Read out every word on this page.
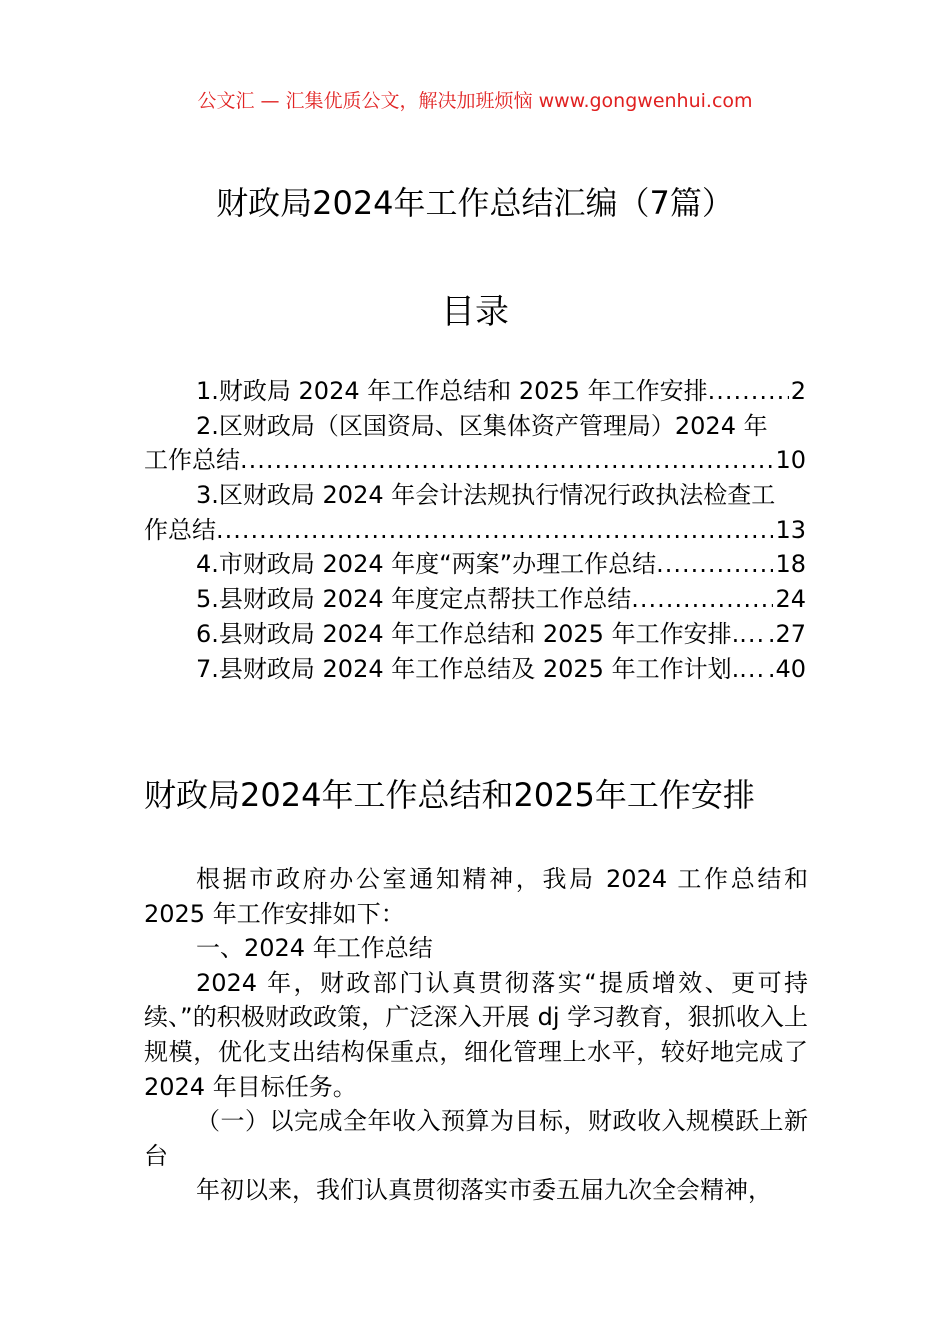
公文汇 — 汇集优质公文，解决加班烦恼 www.gongwenhui.com
财政局2024年工作总结汇编（7篇）
目录
1.财政局 2024 年工作总结和 2025 年工作安排 .....	2
2.区财政局（区国资局、区集体资产管理局）2024 年
工作总结 .....	10
3.区财政局 2024 年会计法规执行情况行政执法检查工
作总结 .....	13
4.市财政局 2024 年度“两案”办理工作总结 .....	18
5.县财政局 2024 年度定点帮扶工作总结 .....	24
6.县财政局 2024 年工作总结和 2025 年工作安排. ..... .27
7.县财政局 2024 年工作总结及 2025 年工作计划. ..... .40
财政局2024年工作总结和2025年工作安排

根据市政府办公室通知精神，我局 2024 工作总结和 2025 年工作安排如下：

一、2024 年工作总结

2024 年，财政部门认真贯彻落实“提质增效、更可持续、”的积极财政政策，广泛深入开展 dj 学习教育，狠抓收入上规模，优化支出结构保重点，细化管理上水平，较好地完成了 2024 年目标任务。

（一）以完成全年收入预算为目标，财政收入规模跃上新台

年初以来，我们认真贯彻落实市委五届九次全会精神，
